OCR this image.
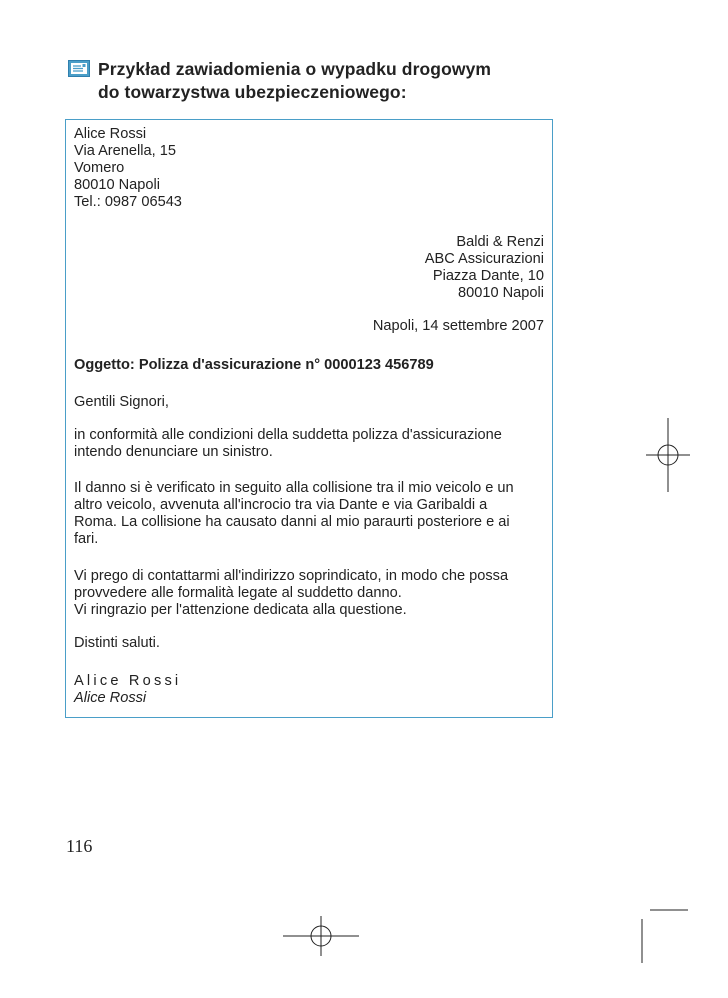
Przykład zawiadomienia o wypadku drogowym
do towarzystwa ubezpieczeniowego:
Alice Rossi
Via Arenella, 15
Vomero
80010 Napoli
Tel.: 0987 06543
Baldi & Renzi
ABC Assicurazioni
Piazza Dante, 10
80010 Napoli
Napoli, 14 settembre 2007
Oggetto: Polizza d'assicurazione n° 0000123 456789
Gentili Signori,
in conformità alle condizioni della suddetta polizza d'assicurazione
intendo denunciare un sinistro.
Il danno si è verificato in seguito alla collisione tra il mio veicolo e un
altro veicolo, avvenuta all'incrocio tra via Dante e via Garibaldi a
Roma. La collisione ha causato danni al mio paraurti posteriore e ai
fari.
Vi prego di contattarmi all'indirizzo soprindicato, in modo che possa
provvedere alle formalità legate al suddetto danno.
Vi ringrazio per l'attenzione dedicata alla questione.
Distinti saluti.
Alice Rossi
Alice Rossi
116
